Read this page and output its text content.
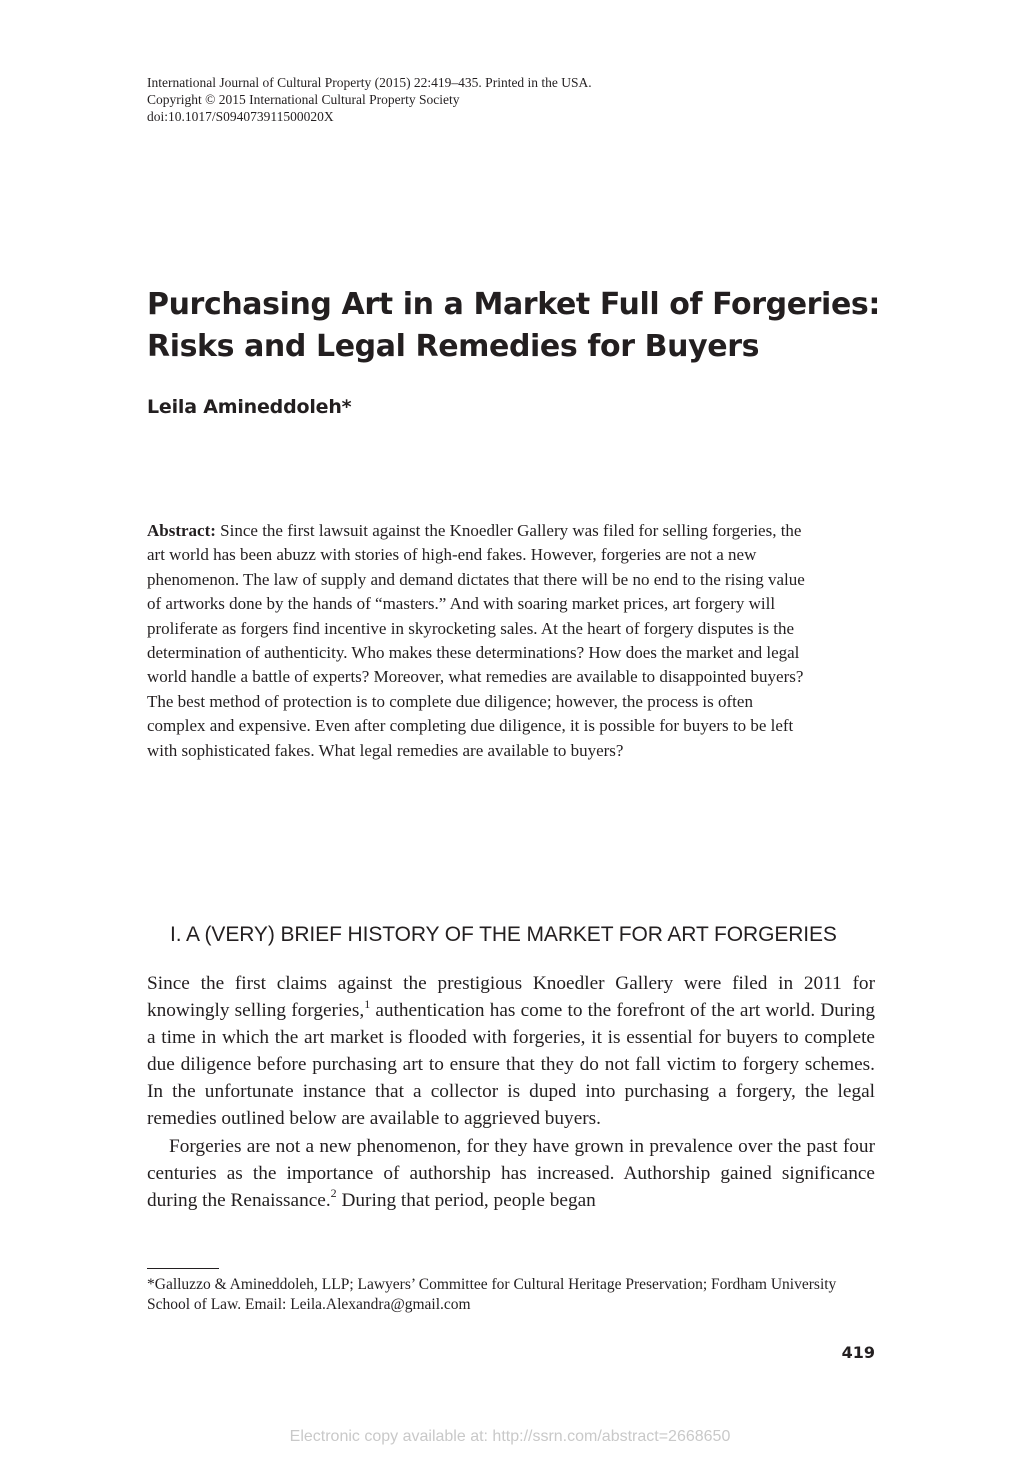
International Journal of Cultural Property (2015) 22:419–435. Printed in the USA.
Copyright © 2015 International Cultural Property Society
doi:10.1017/S094073911500020X
Purchasing Art in a Market Full of Forgeries:
Risks and Legal Remedies for Buyers
Leila Amineddoleh*
Abstract: Since the first lawsuit against the Knoedler Gallery was filed for selling forgeries, the art world has been abuzz with stories of high-end fakes. However, forgeries are not a new phenomenon. The law of supply and demand dictates that there will be no end to the rising value of artworks done by the hands of “masters.” And with soaring market prices, art forgery will proliferate as forgers find incentive in skyrocketing sales. At the heart of forgery disputes is the determination of authenticity. Who makes these determinations? How does the market and legal world handle a battle of experts? Moreover, what remedies are available to disappointed buyers? The best method of protection is to complete due diligence; however, the process is often complex and expensive. Even after completing due diligence, it is possible for buyers to be left with sophisticated fakes. What legal remedies are available to buyers?
I. A (VERY) BRIEF HISTORY OF THE MARKET FOR ART FORGERIES

Since the first claims against the prestigious Knoedler Gallery were filed in 2011 for knowingly selling forgeries,$^1$ authentication has come to the forefront of the art world. During a time in which the art market is flooded with forgeries, it is essential for buyers to complete due diligence before purchasing art to ensure that they do not fall victim to forgery schemes. In the unfortunate instance that a collector is duped into purchasing a forgery, the legal remedies outlined below are available to aggrieved buyers.

Forgeries are not a new phenomenon, for they have grown in prevalence over the past four centuries as the importance of authorship has increased. Authorship gained significance during the Renaissance.$^2$ During that period, people began

*Galluzzo & Amineddoleh, LLP; Lawyers’ Committee for Cultural Heritage Preservation; Fordham University School of Law. Email: Leila.Alexandra@gmail.com
419
Electronic copy available at: http://ssrn.com/abstract=2668650
